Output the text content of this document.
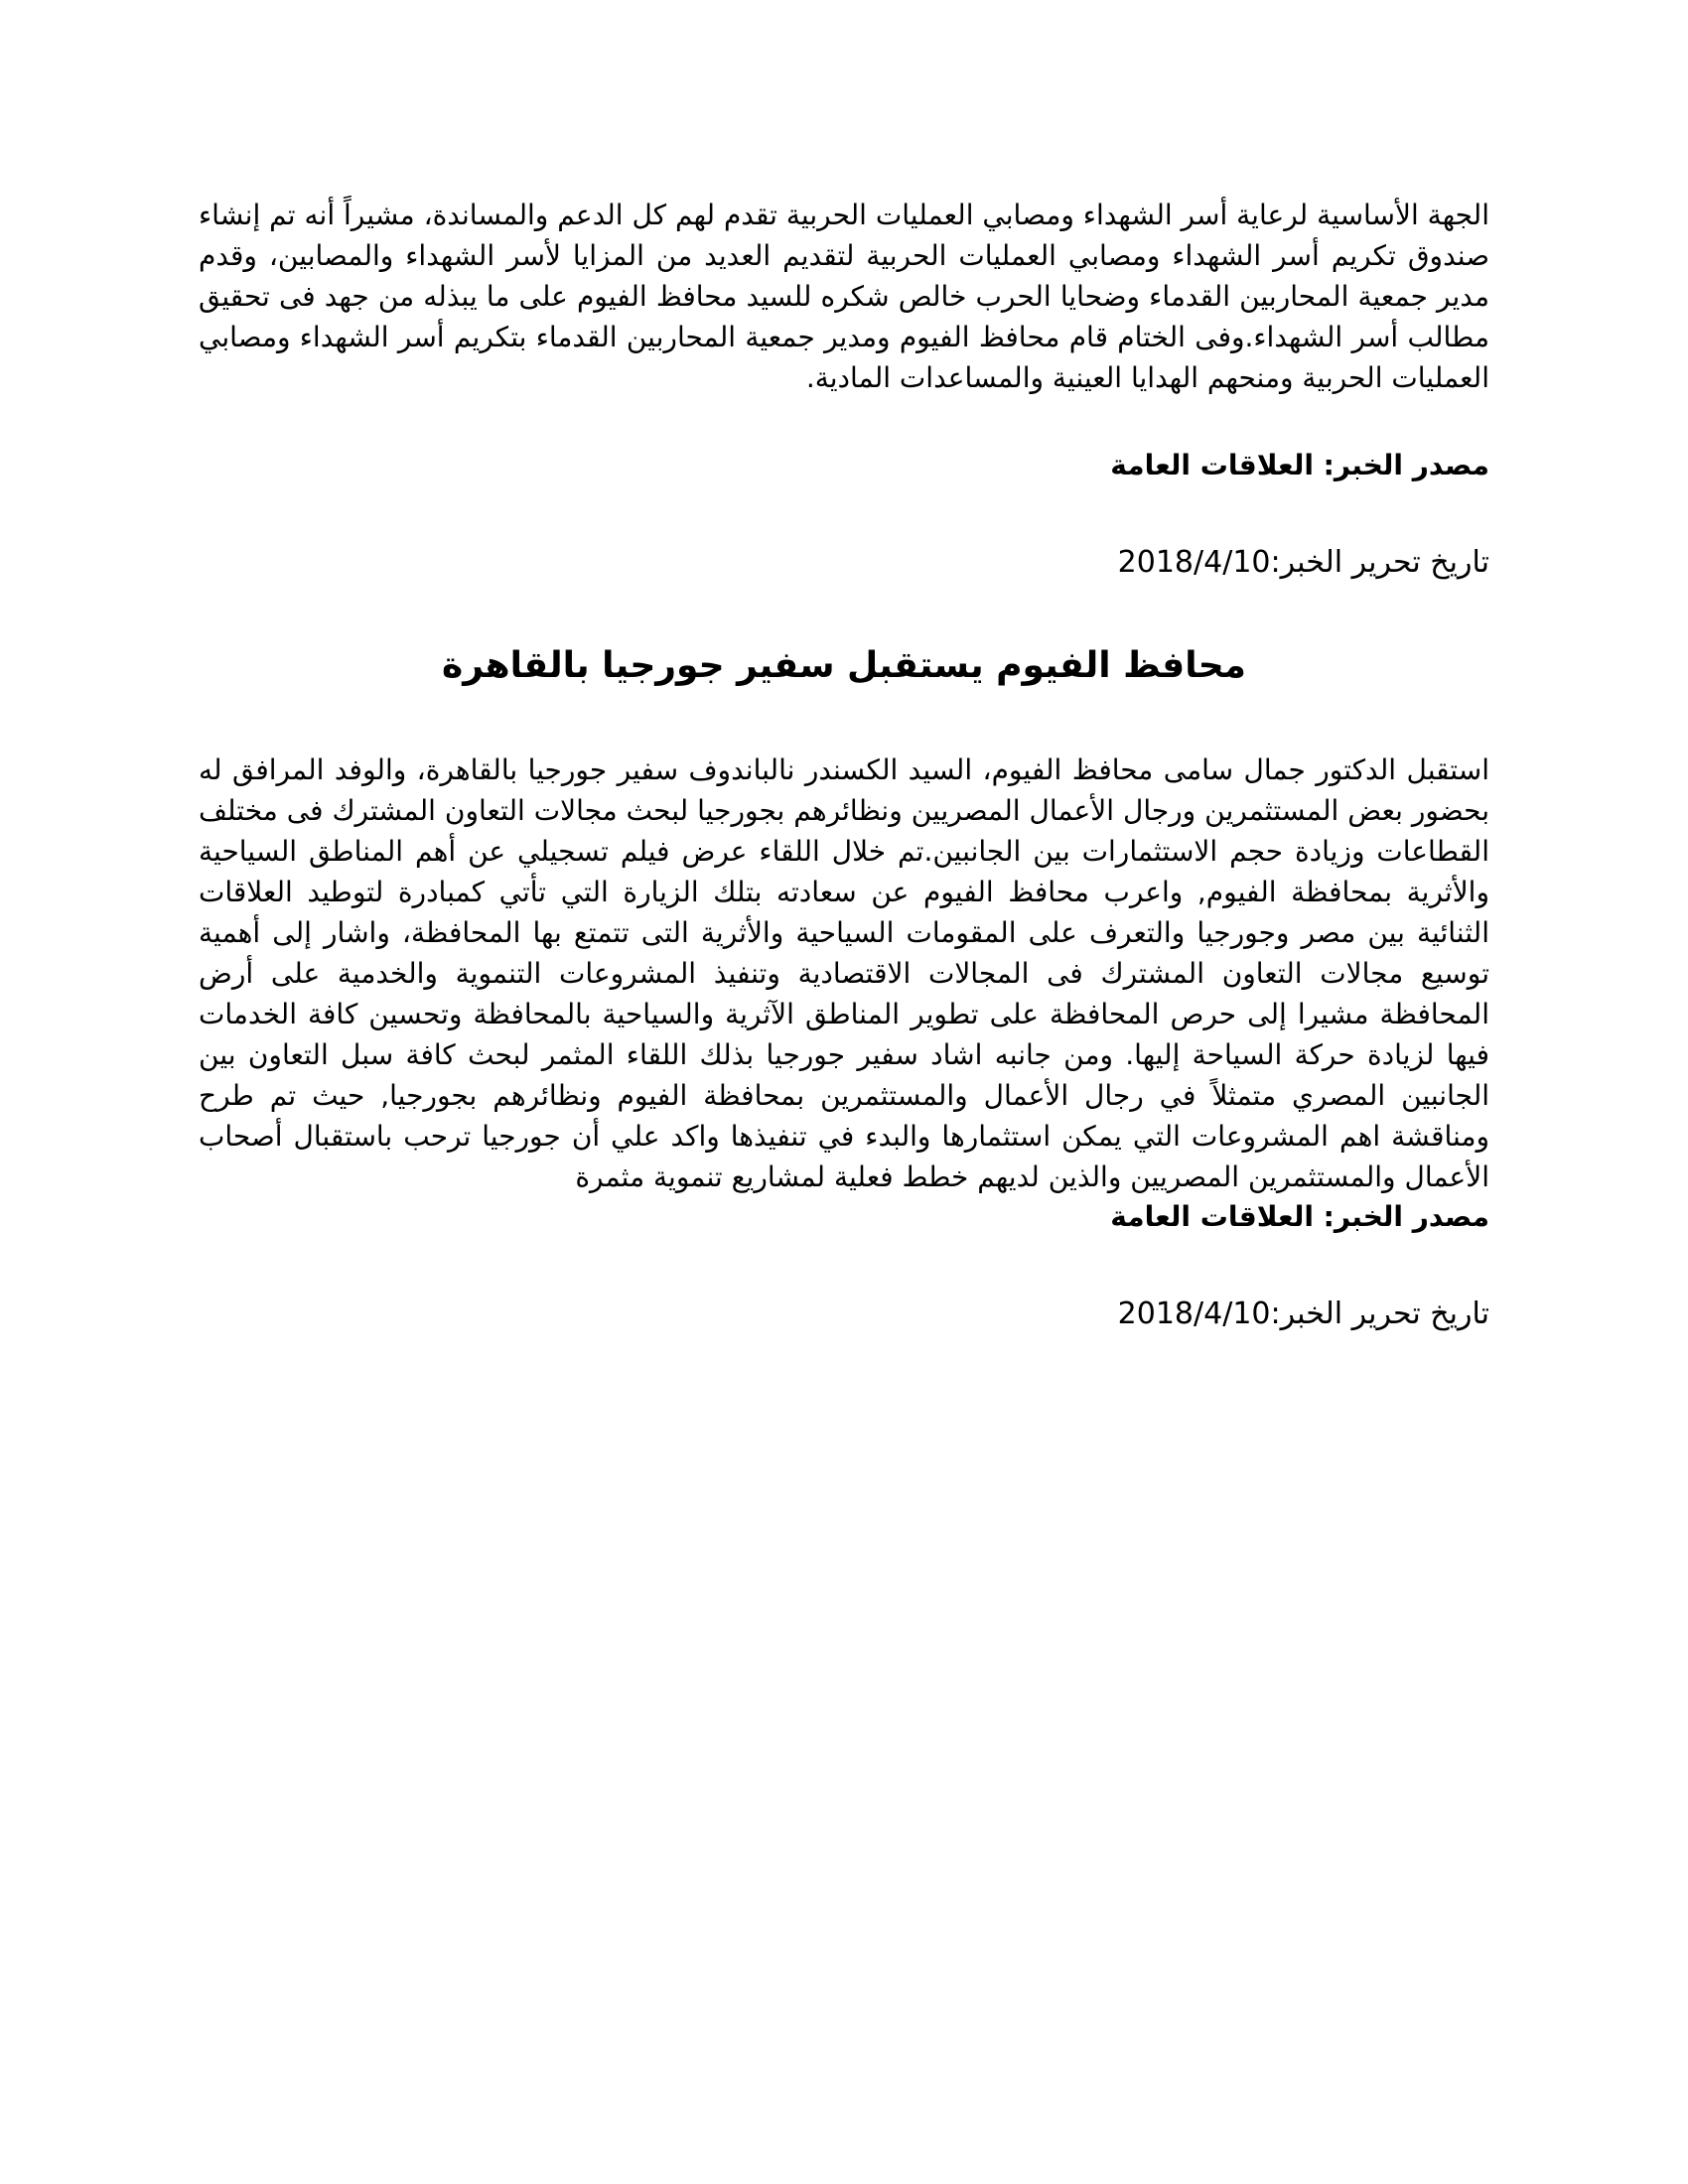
الجهة الأساسية لرعاية أسر الشهداء ومصابي العمليات الحربية تقدم لهم كل الدعم والمساندة، مشيراً أنه تم إنشاء صندوق تكريم أسر الشهداء ومصابي العمليات الحربية لتقديم العديد من المزايا لأسر الشهداء والمصابين، وقدم مدير جمعية المحاربين القدماء وضحايا الحرب خالص شكره للسيد محافظ الفيوم على ما يبذله من جهد فى تحقيق مطالب أسر الشهداء.وفى الختام قام محافظ الفيوم ومدير جمعية المحاربين القدماء بتكريم أسر الشهداء ومصابي العمليات الحربية ومنحهم الهدايا العينية والمساعدات المادية.

مصدر الخبر: العلاقات العامة

تاريخ تحرير الخبر:2018/4/10

محافظ الفيوم يستقبل سفير جورجيا بالقاهرة

استقبل الدكتور جمال سامى محافظ الفيوم، السيد الكسندر نالباندوف سفير جورجيا بالقاهرة، والوفد المرافق له بحضور بعض المستثمرين ورجال الأعمال المصريين ونظائرهم بجورجيا لبحث مجالات التعاون المشترك فى مختلف القطاعات وزيادة حجم الاستثمارات بين الجانبين.تم خلال اللقاء عرض فيلم تسجيلي عن أهم المناطق السياحية والأثرية بمحافظة الفيوم, واعرب محافظ الفيوم عن سعادته بتلك الزيارة التي تأتي كمبادرة لتوطيد العلاقات الثنائية بين مصر وجورجيا والتعرف على المقومات السياحية والأثرية التى تتمتع بها المحافظة، واشار إلى أهمية توسيع مجالات التعاون المشترك فى المجالات الاقتصادية وتنفيذ المشروعات التنموية والخدمية على أرض المحافظة مشيرا إلى حرص المحافظة على تطوير المناطق الآثرية والسياحية بالمحافظة وتحسين كافة الخدمات فيها لزيادة حركة السياحة إليها. ومن جانبه اشاد سفير جورجيا بذلك اللقاء المثمر لبحث كافة سبل التعاون بين الجانبين المصري متمثلاً في رجال الأعمال والمستثمرين بمحافظة الفيوم ونظائرهم بجورجيا, حيث تم طرح ومناقشة اهم المشروعات التي يمكن استثمارها والبدء في تنفيذها واكد علي أن جورجيا ترحب باستقبال أصحاب الأعمال والمستثمرين المصريين والذين لديهم خطط فعلية لمشاريع تنموية مثمرة

مصدر الخبر: العلاقات العامة

تاريخ تحرير الخبر:2018/4/10
